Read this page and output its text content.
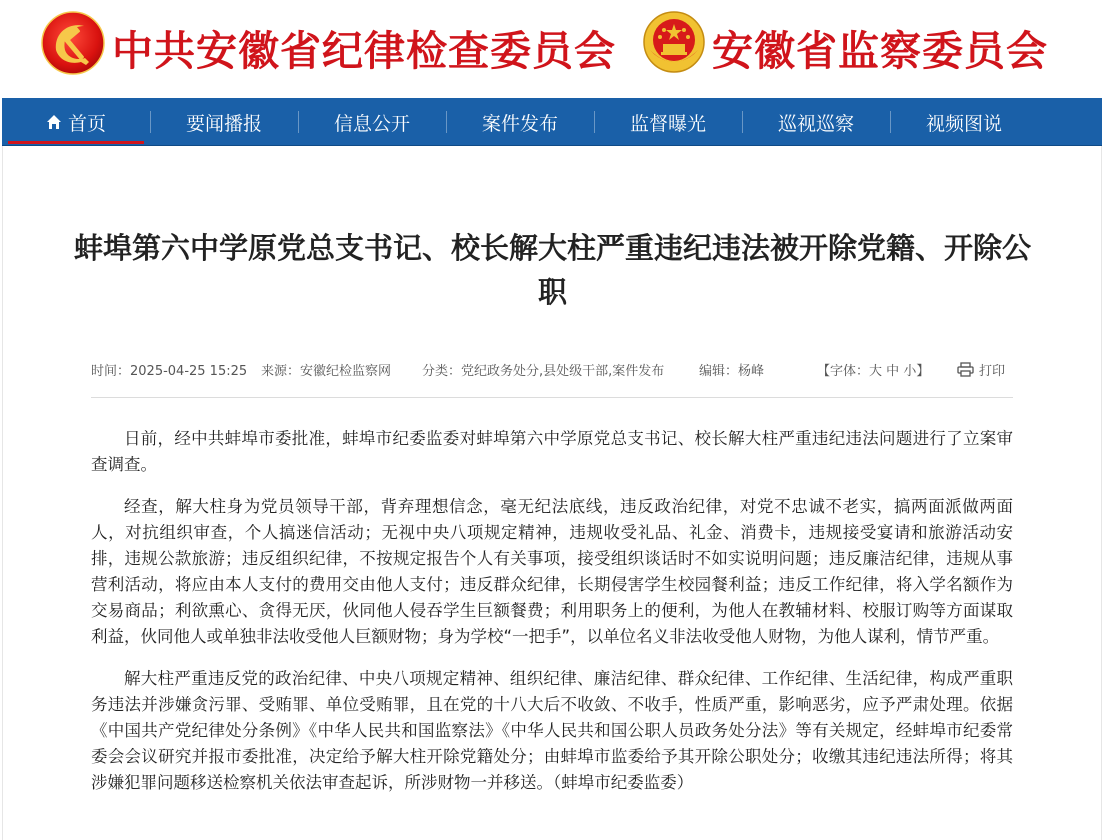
中共安徽省纪律检查委员会 安徽省监察委员会
首页	要闻播报	信息公开	案件发布	监督曝光	巡视巡察	视频图说
蚌埠第六中学原党总支书记、校长解大柱严重违纪违法被开除党籍、开除公职
时间：2025-04-25 15:25 来源：安徽纪检监察网 分类：党纪政务处分,县处级干部,案件发布	编辑：杨峰	【字体：大 中 小】	打印

日前，经中共蚌埠市委批准，蚌埠市纪委监委对蚌埠第六中学原党总支书记、校长解大柱严重违纪违法问题进行了立案审查调查。

经查，解大柱身为党员领导干部，背弃理想信念，毫无纪法底线，违反政治纪律，对党不忠诚不老实，搞两面派做两面人，对抗组织审查，个人搞迷信活动；无视中央八项规定精神，违规收受礼品、礼金、消费卡，违规接受宴请和旅游活动安排，违规公款旅游；违反组织纪律，不按规定报告个人有关事项，接受组织谈话时不如实说明问题；违反廉洁纪律，违规从事营利活动，将应由本人支付的费用交由他人支付；违反群众纪律，长期侵害学生校园餐利益；违反工作纪律，将入学名额作为交易商品；利欲熏心、贪得无厌，伙同他人侵吞学生巨额餐费；利用职务上的便利，为他人在教辅材料、校服订购等方面谋取利益，伙同他人或单独非法收受他人巨额财物；身为学校“一把手”，以单位名义非法收受他人财物，为他人谋利，情节严重。

解大柱严重违反党的政治纪律、中央八项规定精神、组织纪律、廉洁纪律、群众纪律、工作纪律、生活纪律，构成严重职务违法并涉嫌贪污罪、受贿罪、单位受贿罪，且在党的十八大后不收敛、不收手，性质严重，影响恶劣，应予严肃处理。依据《中国共产党纪律处分条例》《中华人民共和国监察法》《中华人民共和国公职人员政务处分法》等有关规定，经蚌埠市纪委常委会会议研究并报市委批准，决定给予解大柱开除党籍处分；由蚌埠市监委给予其开除公职处分；收缴其违纪违法所得；将其涉嫌犯罪问题移送检察机关依法审查起诉，所涉财物一并移送。（蚌埠市纪委监委）
